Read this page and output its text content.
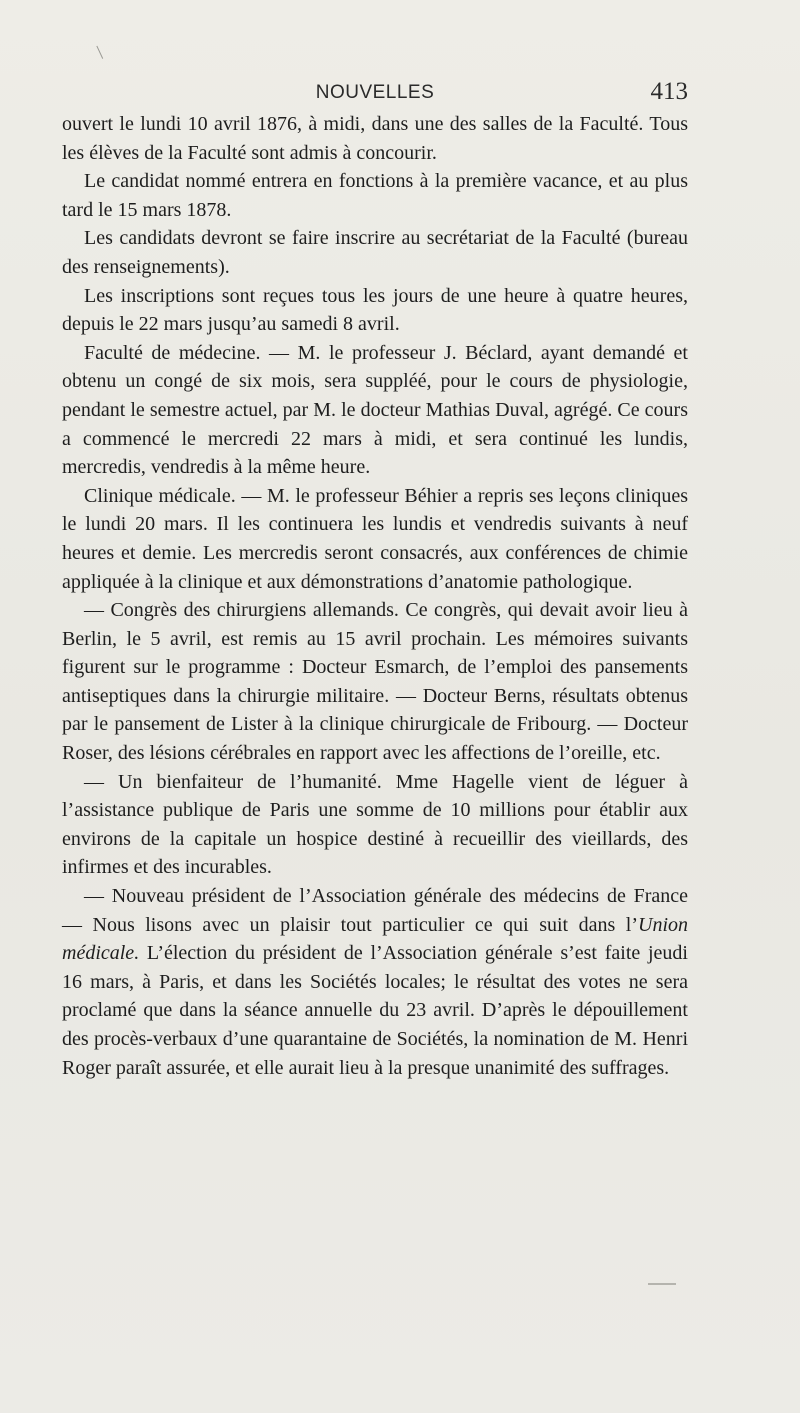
NOUVELLES	413

ouvert le lundi 10 avril 1876, à midi, dans une des salles de la Faculté. Tous les élèves de la Faculté sont admis à concourir.

Le candidat nommé entrera en fonctions à la première vacance, et au plus tard le 15 mars 1878.

Les candidats devront se faire inscrire au secrétariat de la Faculté (bureau des renseignements).

Les inscriptions sont reçues tous les jours de une heure à quatre heures, depuis le 22 mars jusqu’au samedi 8 avril.

Faculté de médecine. — M. le professeur J. Béclard, ayant demandé et obtenu un congé de six mois, sera suppléé, pour le cours de physiologie, pendant le semestre actuel, par M. le docteur Mathias Duval, agrégé. Ce cours a commencé le mercredi 22 mars à midi, et sera continué les lundis, mercredis, vendredis à la même heure.

Clinique médicale. — M. le professeur Béhier a repris ses leçons cliniques le lundi 20 mars. Il les continuera les lundis et vendredis suivants à neuf heures et demie. Les mercredis seront consacrés, aux conférences de chimie appliquée à la clinique et aux démonstrations d’anatomie pathologique.

— Congrès des chirurgiens allemands. Ce congrès, qui devait avoir lieu à Berlin, le 5 avril, est remis au 15 avril prochain. Les mémoires suivants figurent sur le programme : Docteur Esmarch, de l’emploi des pansements antiseptiques dans la chirurgie militaire. — Docteur Berns, résultats obtenus par le pansement de Lister à la clinique chirurgicale de Fribourg. — Docteur Roser, des lésions cérébrales en rapport avec les affections de l’oreille, etc.

— Un bienfaiteur de l’humanité. Mme Hagelle vient de léguer à l’assistance publique de Paris une somme de 10 millions pour établir aux environs de la capitale un hospice destiné à recueillir des vieillards, des infirmes et des incurables.

— Nouveau président de l’Association générale des médecins de France — Nous lisons avec un plaisir tout particulier ce qui suit dans l’Union médicale. L’élection du président de l’Association générale s’est faite jeudi 16 mars, à Paris, et dans les Sociétés locales; le résultat des votes ne sera proclamé que dans la séance annuelle du 23 avril. D’après le dépouillement des procès-verbaux d’une quarantaine de Sociétés, la nomination de M. Henri Roger paraît assurée, et elle aurait lieu à la presque unanimité des suffrages.
